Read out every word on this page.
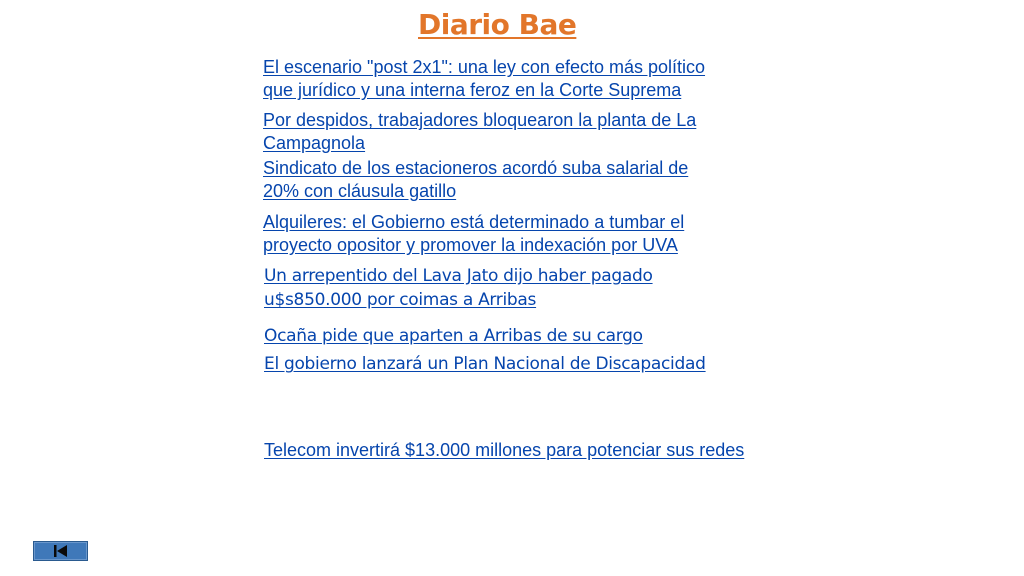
Diario Bae
El escenario "post 2x1": una ley con efecto más político
que jurídico y una interna feroz en la Corte Suprema
Por despidos, trabajadores bloquearon la planta de La
Campagnola
Sindicato de los estacioneros acordó suba salarial de
20% con cláusula gatillo
Alquileres: el Gobierno está determinado a tumbar el
proyecto opositor y promover la indexación por UVA
Un arrepentido del Lava Jato dijo haber pagado
u$s850.000 por coimas a Arribas
Ocaña pide que aparten a Arribas de su cargo
El gobierno lanzará un Plan Nacional de Discapacidad
Telecom invertirá $13.000 millones para potenciar sus redes
